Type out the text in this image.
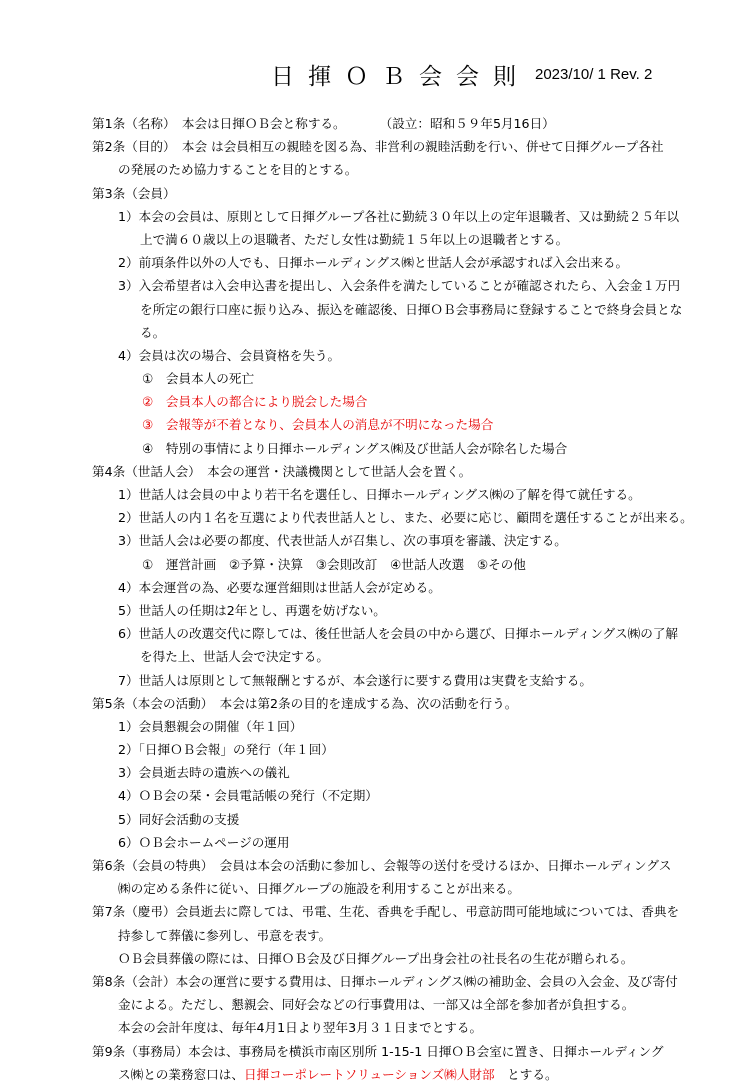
日揮ＯＢ会会則 2023/10/ 1 Rev. 2
第1条（名称）　本会は日揮ＯＢ会と称する。	（設立：昭和５９年5月16日）
第2条（目的）　本会 は会員相互の親睦を図る為、非営利の親睦活動を行い、併せて日揮グループ各社
の発展のため協力することを目的とする。
第3条（会員）
1）本会の会員は、原則として日揮グループ各社に勤続３０年以上の定年退職者、又は勤続２５年以
上で満６０歳以上の退職者、ただし女性は勤続１５年以上の退職者とする。
2）前項条件以外の人でも、日揮ホールディングス㈱と世話人会が承認すれば入会出来る。
3）入会希望者は入会申込書を提出し、入会条件を満たしていることが確認されたら、入会金１万円
を所定の銀行口座に振り込み、振込を確認後、日揮ＯＢ会事務局に登録することで終身会員とな
る。
4）会員は次の場合、会員資格を失う。
①　会員本人の死亡
②　会員本人の都合により脱会した場合
③　会報等が不着となり、会員本人の消息が不明になった場合
④　特別の事情により日揮ホールディングス㈱及び世話人会が除名した場合
第4条（世話人会）　本会の運営・決議機関として世話人会を置く。
1）世話人は会員の中より若干名を選任し、日揮ホールディングス㈱の了解を得て就任する。
2）世話人の内１名を互選により代表世話人とし、また、必要に応じ、顧問を選任することが出来る。
3）世話人会は必要の都度、代表世話人が召集し、次の事項を審議、決定する。
①　運営計画　②予算・決算　③会則改訂　④世話人改選　⑤その他
4）本会運営の為、必要な運営細則は世話人会が定める。
5）世話人の任期は2年とし、再選を妨げない。
6）世話人の改選交代に際しては、後任世話人を会員の中から選び、日揮ホールディングス㈱の了解
を得た上、世話人会で決定する。
7）世話人は原則として無報酬とするが、本会遂行に要する費用は実費を支給する。
第5条（本会の活動）　本会は第2条の目的を達成する為、次の活動を行う。
1）会員懇親会の開催（年１回）
2）「日揮ＯＢ会報」の発行（年１回）
3）会員逝去時の遺族への儀礼
4）ＯＢ会の栞・会員電話帳の発行（不定期）
5）同好会活動の支援
6）ＯＢ会ホームページの運用
第6条（会員の特典）　会員は本会の活動に参加し、会報等の送付を受けるほか、日揮ホールディングス
㈱の定める条件に従い、日揮グループの施設を利用することが出来る。
第7条（慶弔）会員逝去に際しては、弔電、生花、香典を手配し、弔意訪問可能地域については、香典を
持参して葬儀に参列し、弔意を表す。
ＯＢ会員葬儀の際には、日揮ＯＢ会及び日揮グループ出身会社の社長名の生花が贈られる。
第8条（会計）本会の運営に要する費用は、日揮ホールディングス㈱の補助金、会員の入会金、及び寄付
金による。ただし、懇親会、同好会などの行事費用は、一部又は全部を参加者が負担する。
本会の会計年度は、毎年4月1日より翌年3月３１日までとする。
第9条（事務局）本会は、事務局を横浜市南区別所 1-15-1 日揮ＯＢ会室に置き、日揮ホールディング
ス㈱との業務窓口は、日揮コーポレートソリューションズ㈱人財部　とする。
